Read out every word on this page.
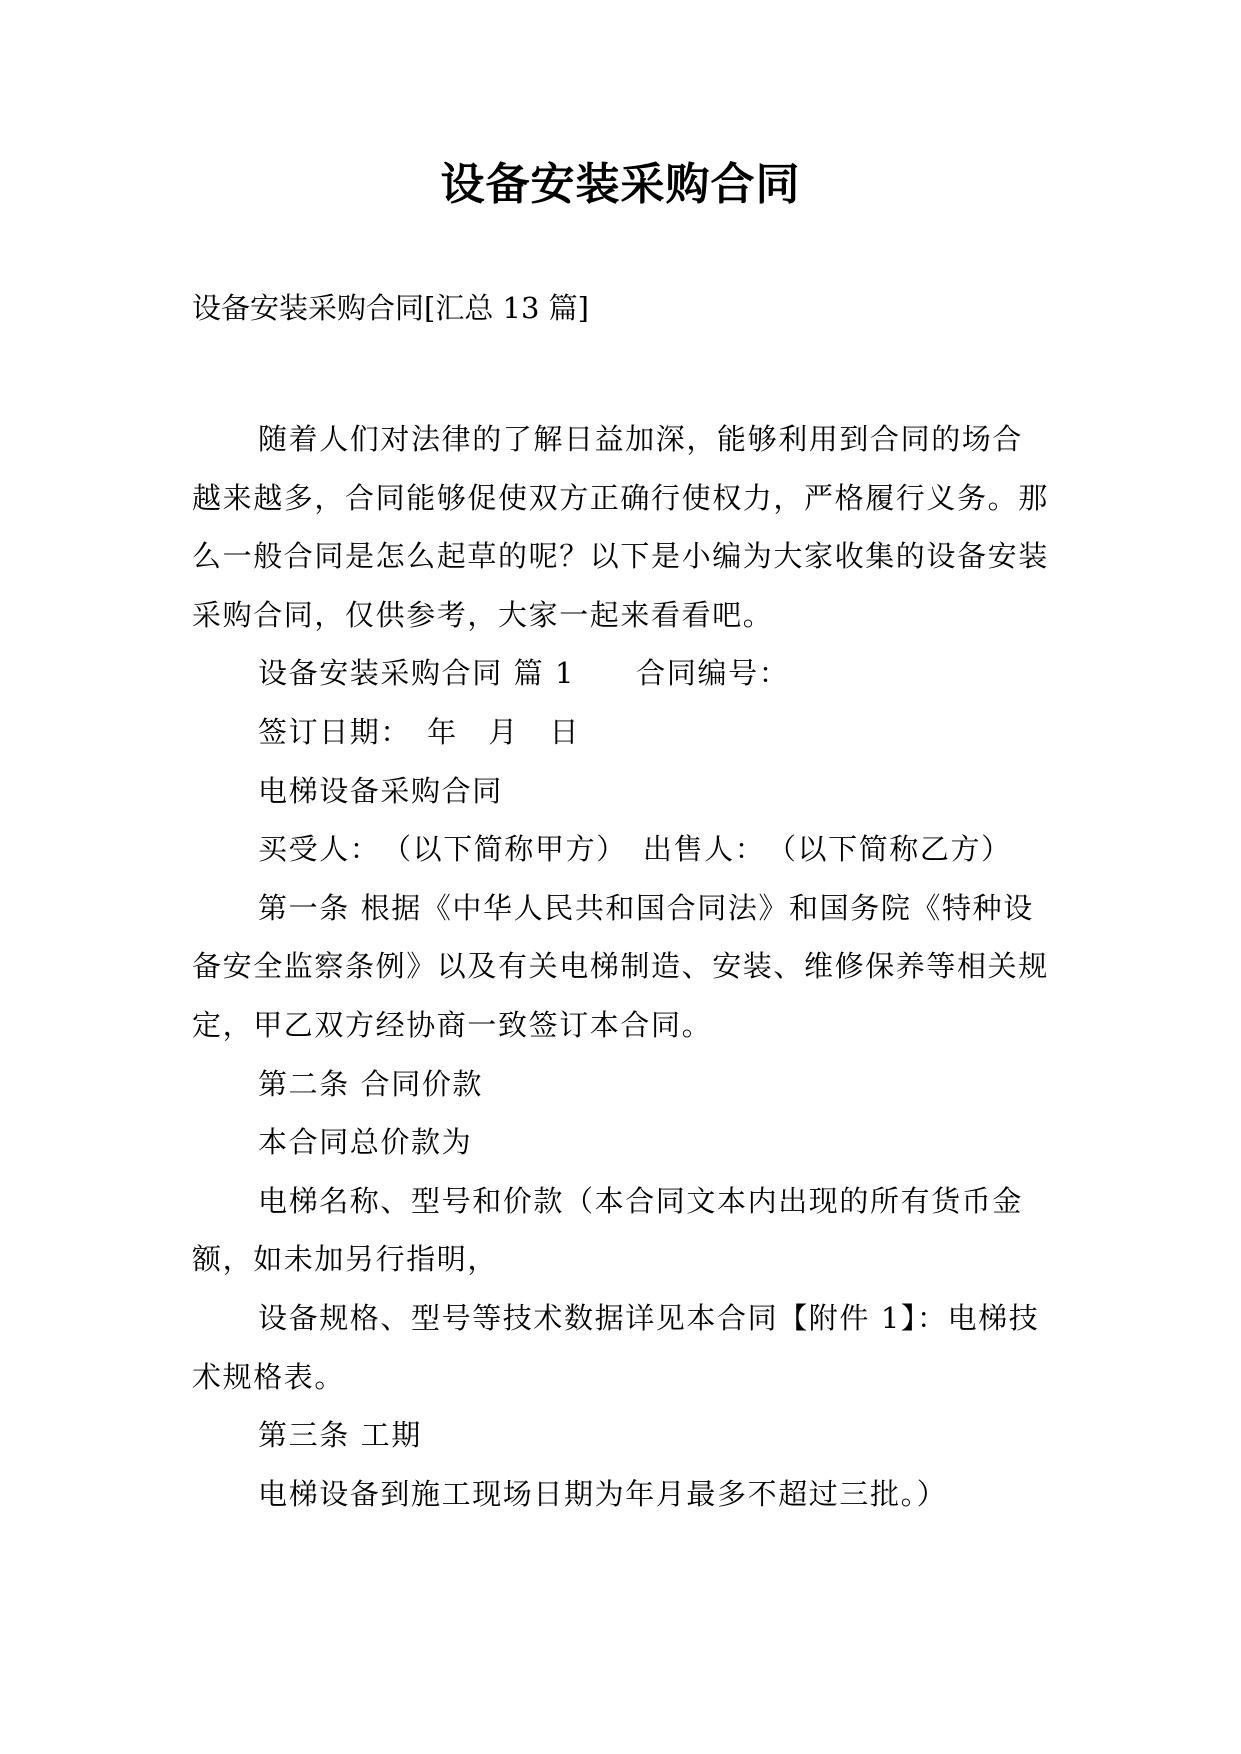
设备安装采购合同
设备安装采购合同[汇总 13 篇]

随着人们对法律的了解日益加深，能够利用到合同的场合越来越多，合同能够促使双方正确行使权力，严格履行义务。那么一般合同是怎么起草的呢？以下是小编为大家收集的设备安装采购合同，仅供参考，大家一起来看看吧。

设备安装采购合同 篇 1　　合同编号：

签订日期：　年　月　日

电梯设备采购合同

买受人：　（以下简称甲方）　出售人：　（以下简称乙方）

第一条 根据《中华人民共和国合同法》和国务院《特种设备安全监察条例》以及有关电梯制造、安装、维修保养等相关规定，甲乙双方经协商一致签订本合同。

第二条 合同价款

本合同总价款为

电梯名称、型号和价款（本合同文本内出现的所有货币金额，如未加另行指明，

设备规格、型号等技术数据详见本合同【附件 1】：电梯技术规格表。

第三条 工期

电梯设备到施工现场日期为年月最多不超过三批。）
